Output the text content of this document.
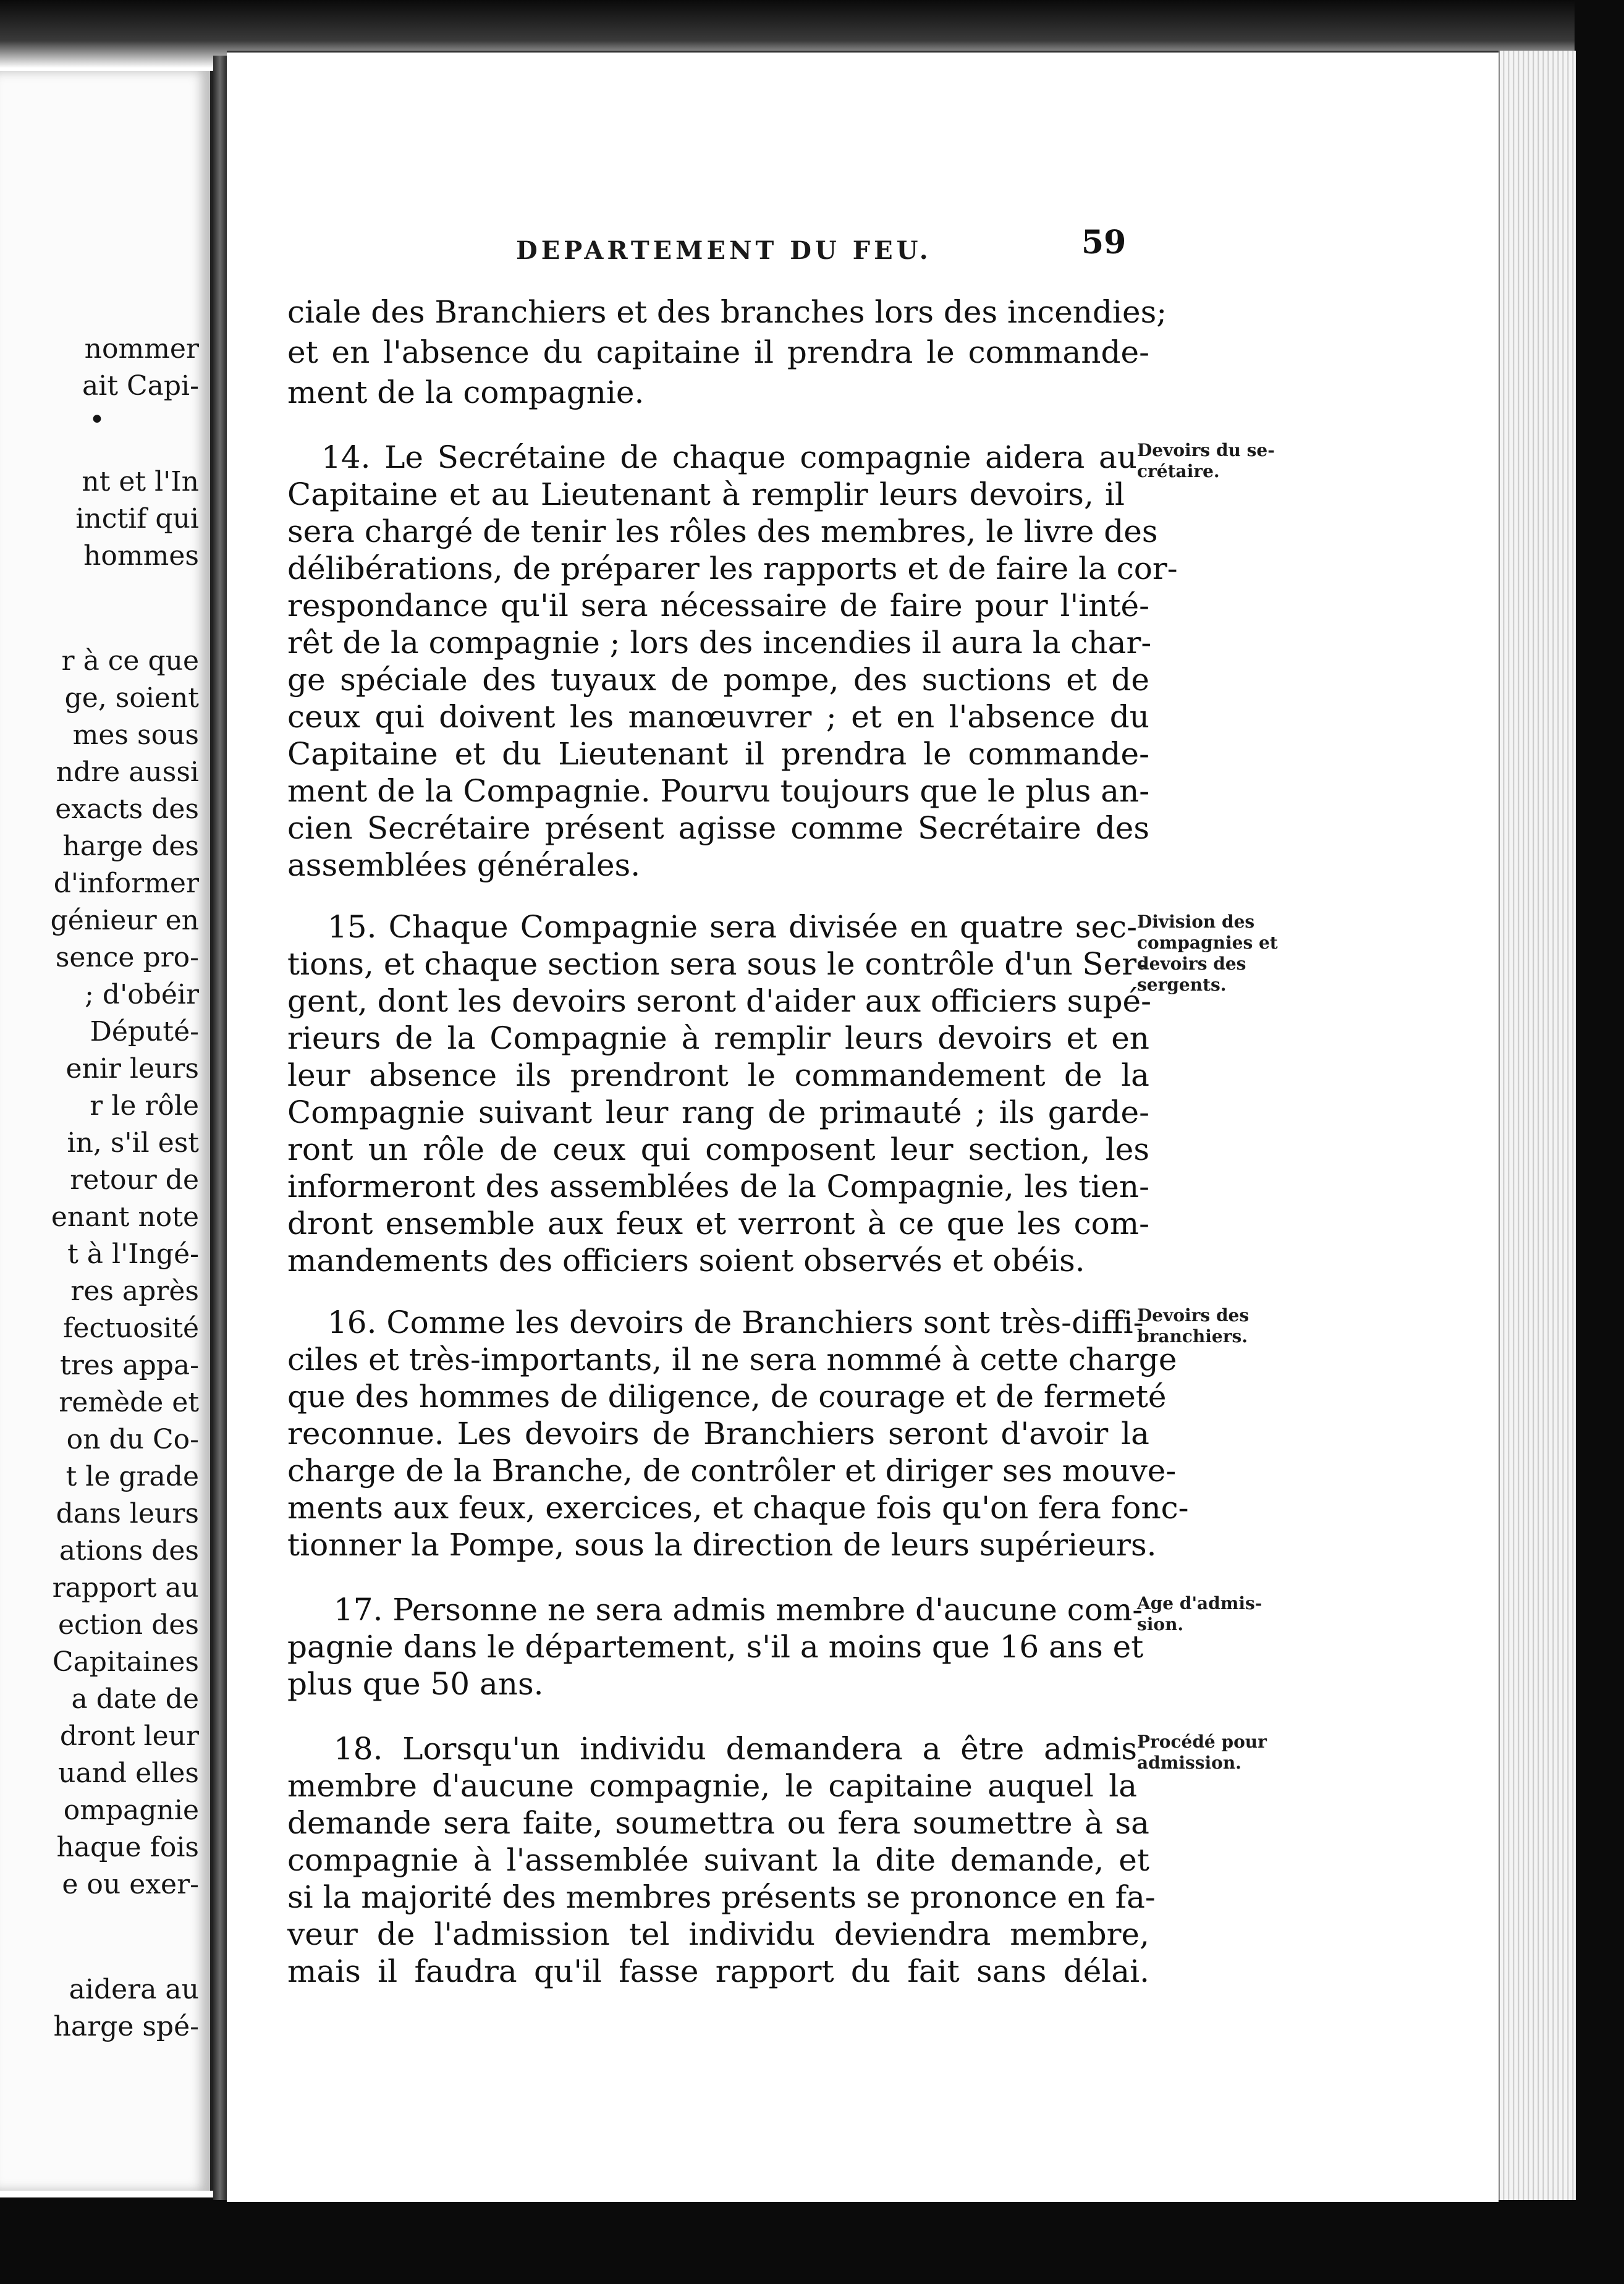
nommer
ait Capi-
•
nt et l'In
inctif qui
hommes
r à ce que
ge, soient
mes sous
ndre aussi
exacts des
harge des
d'informer
génieur en
sence pro-
; d'obéir
Député-
enir leurs
r le rôle
in, s'il est
retour de
enant note
t à l'Ingé-
res après
fectuosité
tres appa-
remède et
on du Co-
t le grade
dans leurs
ations des
rapport au
ection des
Capitaines
a date de
dront leur
uand elles
ompagnie
haque fois
e ou exer-
aidera au
harge spé-
DEPARTEMENT DU FEU.	59
ciale des Branchiers et des branches lors des incendies;
et en l'absence du capitaine il prendra le commande-
ment de la compagnie.
14. Le Secrétaine de chaque compagnie aidera au
Capitaine et au Lieutenant à remplir leurs devoirs, il
sera chargé de tenir les rôles des membres, le livre des
délibérations, de préparer les rapports et de faire la cor-
respondance qu'il sera nécessaire de faire pour l'inté-
rêt de la compagnie ; lors des incendies il aura la char-
ge spéciale des tuyaux de pompe, des suctions et de
ceux qui doivent les manœuvrer ; et en l'absence du
Capitaine et du Lieutenant il prendra le commande-
ment de la Compagnie. Pourvu toujours que le plus an-
cien Secrétaire présent agisse comme Secrétaire des
assemblées générales.
Devoirs du se-
crétaire.
15. Chaque Compagnie sera divisée en quatre sec-
tions, et chaque section sera sous le contrôle d'un Ser-
gent, dont les devoirs seront d'aider aux officiers supé-
rieurs de la Compagnie à remplir leurs devoirs et en
leur absence ils prendront le commandement de la
Compagnie suivant leur rang de primauté ; ils garde-
ront un rôle de ceux qui composent leur section, les
informeront des assemblées de la Compagnie, les tien-
dront ensemble aux feux et verront à ce que les com-
mandements des officiers soient observés et obéis.
Division des
compagnies et
devoirs des
sergents.
16. Comme les devoirs de Branchiers sont très-diffi-
ciles et très-importants, il ne sera nommé à cette charge
que des hommes de diligence, de courage et de fermeté
reconnue. Les devoirs de Branchiers seront d'avoir la
charge de la Branche, de contrôler et diriger ses mouve-
ments aux feux, exercices, et chaque fois qu'on fera fonc-
tionner la Pompe, sous la direction de leurs supérieurs.
Devoirs des
branchiers.
17. Personne ne sera admis membre d'aucune com-
pagnie dans le département, s'il a moins que 16 ans et
plus que 50 ans.
Age d'admis-
sion.
18. Lorsqu'un individu demandera a être admis
membre d'aucune compagnie, le capitaine auquel la
demande sera faite, soumettra ou fera soumettre à sa
compagnie à l'assemblée suivant la dite demande, et
si la majorité des membres présents se prononce en fa-
veur de l'admission tel individu deviendra membre,
mais il faudra qu'il fasse rapport du fait sans délai.
Procédé pour
admission.
